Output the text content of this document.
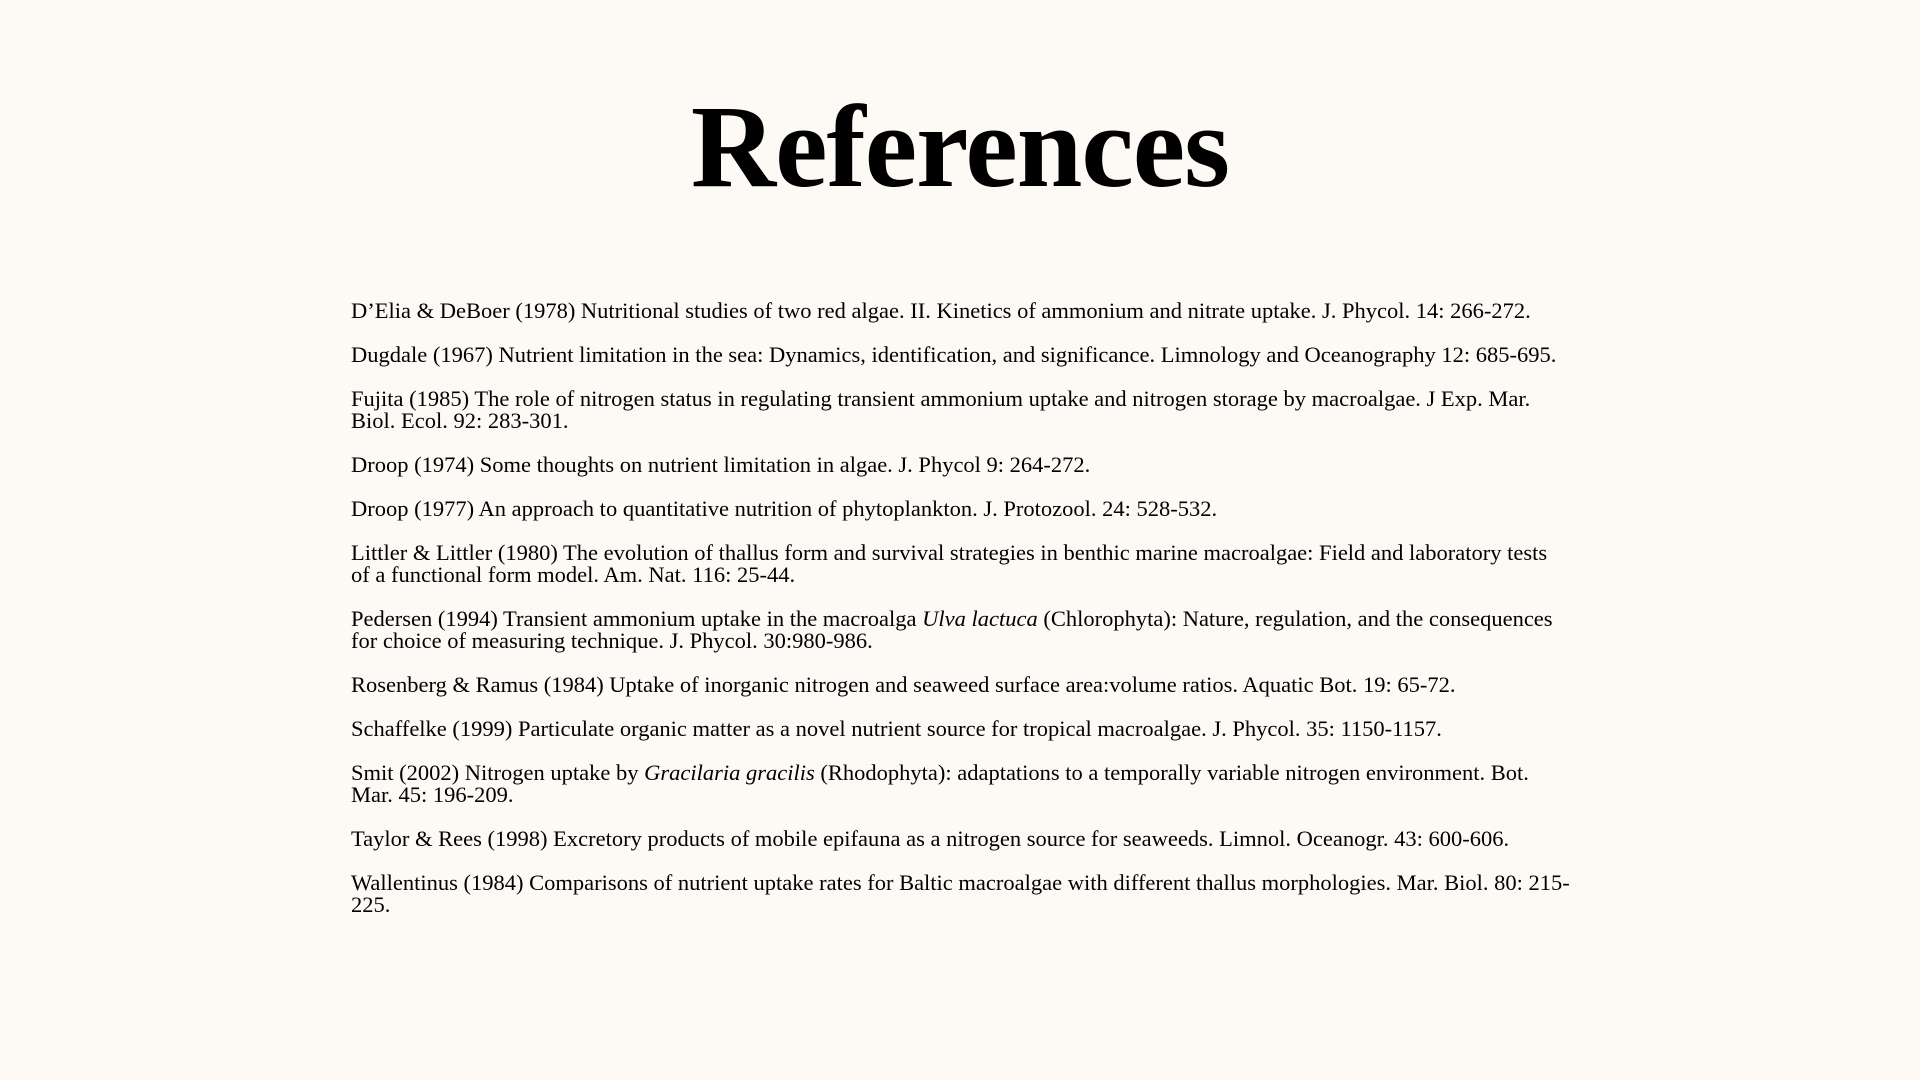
References
D’Elia & DeBoer (1978) Nutritional studies of two red algae. II. Kinetics of ammonium and nitrate uptake. J. Phycol. 14: 266-272.
Dugdale (1967) Nutrient limitation in the sea: Dynamics, identification, and significance. Limnology and Oceanography 12: 685-695.
Fujita (1985) The role of nitrogen status in regulating transient ammonium uptake and nitrogen storage by macroalgae. J Exp. Mar. Biol. Ecol. 92: 283-301.
Droop (1974) Some thoughts on nutrient limitation in algae. J. Phycol 9: 264-272.
Droop (1977) An approach to quantitative nutrition of phytoplankton. J. Protozool. 24: 528-532.
Littler & Littler (1980) The evolution of thallus form and survival strategies in benthic marine macroalgae: Field and laboratory tests of a functional form model. Am. Nat. 116: 25-44.
Pedersen (1994) Transient ammonium uptake in the macroalga Ulva lactuca (Chlorophyta): Nature, regulation, and the consequences for choice of measuring technique. J. Phycol. 30:980-986.
Rosenberg & Ramus (1984) Uptake of inorganic nitrogen and seaweed surface area:volume ratios. Aquatic Bot. 19: 65-72.
Schaffelke (1999) Particulate organic matter as a novel nutrient source for tropical macroalgae. J. Phycol. 35: 1150-1157.
Smit (2002) Nitrogen uptake by Gracilaria gracilis (Rhodophyta): adaptations to a temporally variable nitrogen environment. Bot. Mar. 45: 196-209.
Taylor & Rees (1998) Excretory products of mobile epifauna as a nitrogen source for seaweeds. Limnol. Oceanogr. 43: 600-606.
Wallentinus (1984) Comparisons of nutrient uptake rates for Baltic macroalgae with different thallus morphologies. Mar. Biol. 80: 215-225.
